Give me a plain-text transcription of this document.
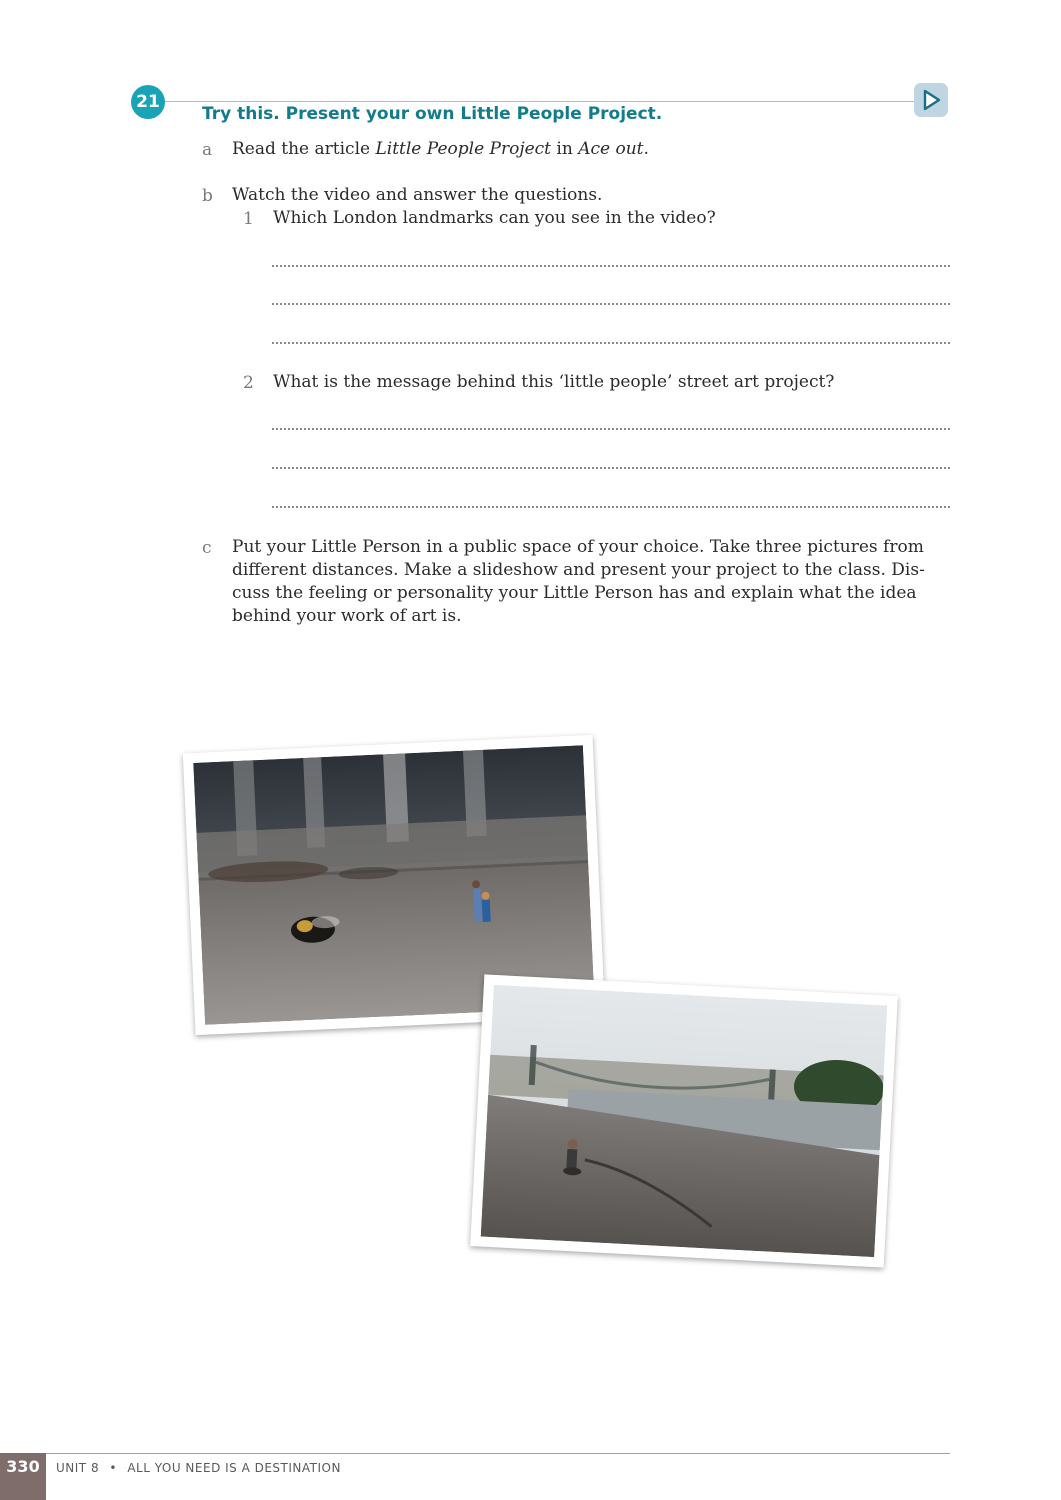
21
Try this. Present your own Little People Project.
a Read the article Little People Project in Ace out.
b Watch the video and answer the questions.
1 Which London landmarks can you see in the video?
2 What is the message behind this ‘little people’ street art project?
c Put your Little Person in a public space of your choice. Take three pictures from
different distances. Make a slideshow and present your project to the class. Dis-
cuss the feeling or personality your Little Person has and explain what the idea
behind your work of art is.
330	UNIT 8 • ALL YOU NEED IS A DESTINATION
